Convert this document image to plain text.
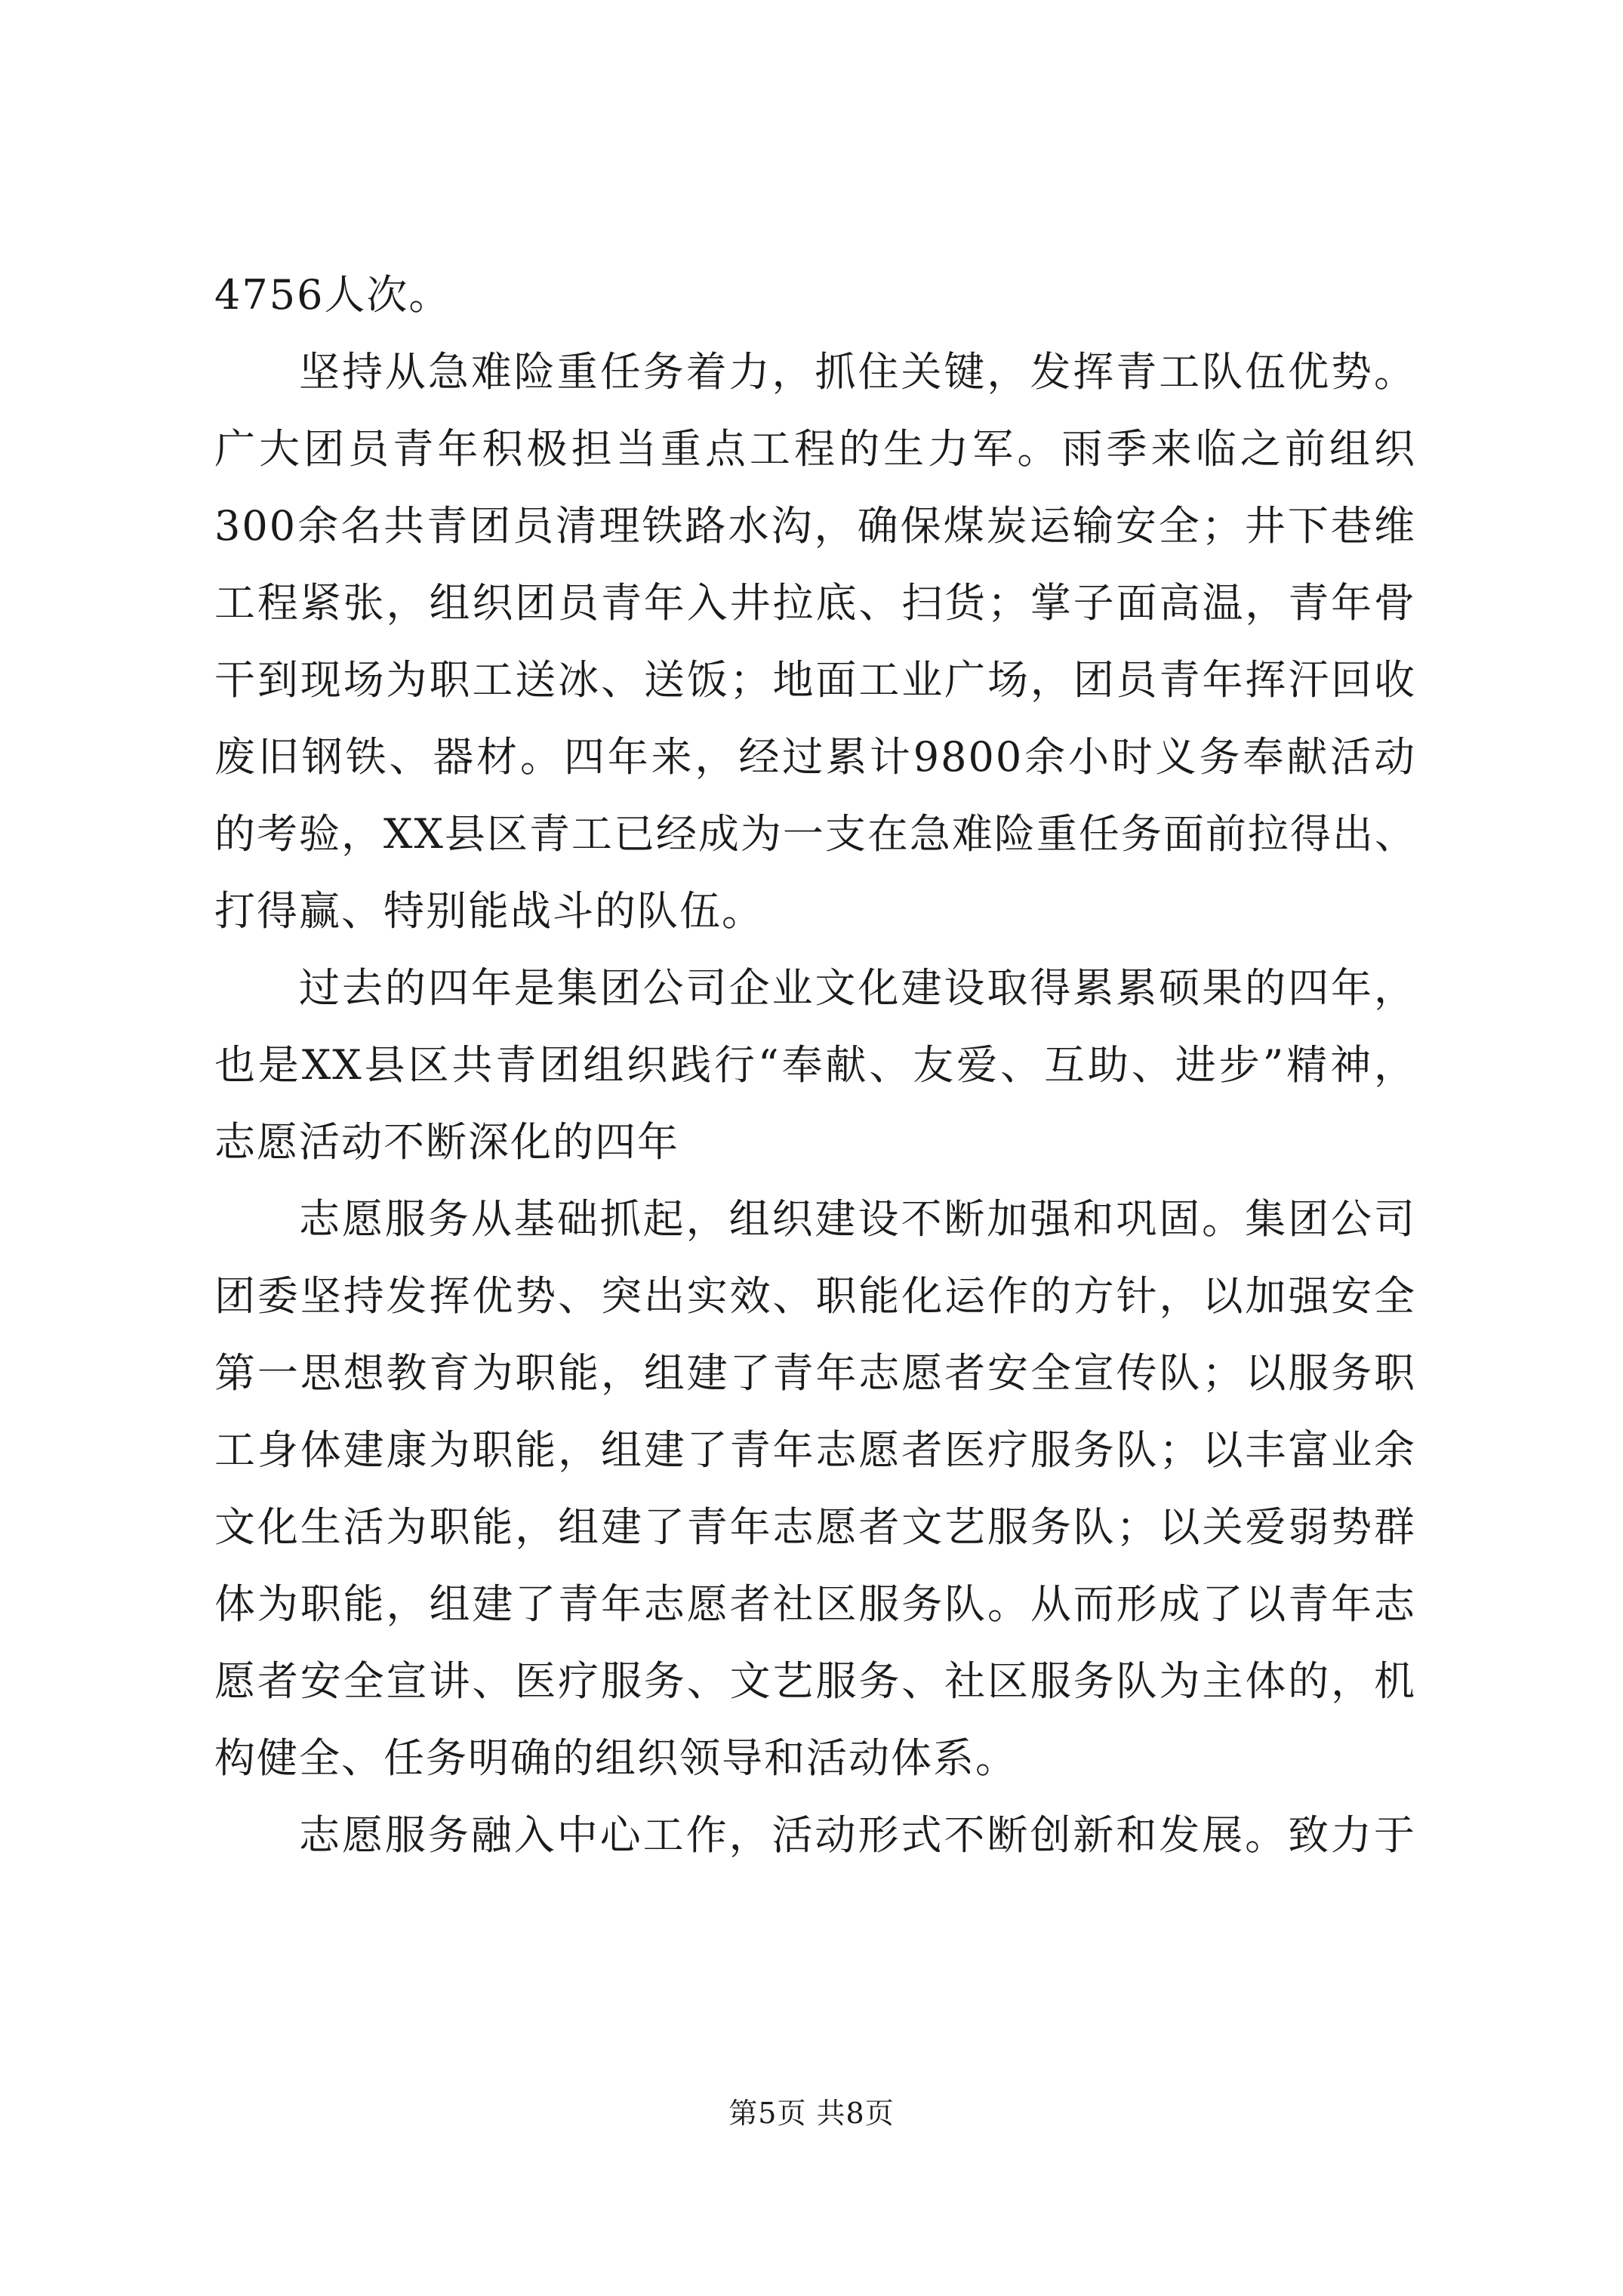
4756人次。
坚持从急难险重任务着力，抓住关键，发挥青工队伍优势。
广大团员青年积极担当重点工程的生力军。雨季来临之前组织
300余名共青团员清理铁路水沟，确保煤炭运输安全；井下巷维
工程紧张，组织团员青年入井拉底、扫货；掌子面高温，青年骨
干到现场为职工送冰、送饭；地面工业广场，团员青年挥汗回收
废旧钢铁、器材。四年来，经过累计9800余小时义务奉献活动
的考验，XX县区青工已经成为一支在急难险重任务面前拉得出、
打得赢、特别能战斗的队伍。
过去的四年是集团公司企业文化建设取得累累硕果的四年，
也是XX县区共青团组织践行“奉献、友爱、互助、进步”精神，
志愿活动不断深化的四年
志愿服务从基础抓起，组织建设不断加强和巩固。集团公司
团委坚持发挥优势、突出实效、职能化运作的方针，以加强安全
第一思想教育为职能，组建了青年志愿者安全宣传队；以服务职
工身体建康为职能，组建了青年志愿者医疗服务队；以丰富业余
文化生活为职能，组建了青年志愿者文艺服务队；以关爱弱势群
体为职能，组建了青年志愿者社区服务队。从而形成了以青年志
愿者安全宣讲、医疗服务、文艺服务、社区服务队为主体的，机
构健全、任务明确的组织领导和活动体系。
志愿服务融入中心工作，活动形式不断创新和发展。致力于
第5页 共8页
